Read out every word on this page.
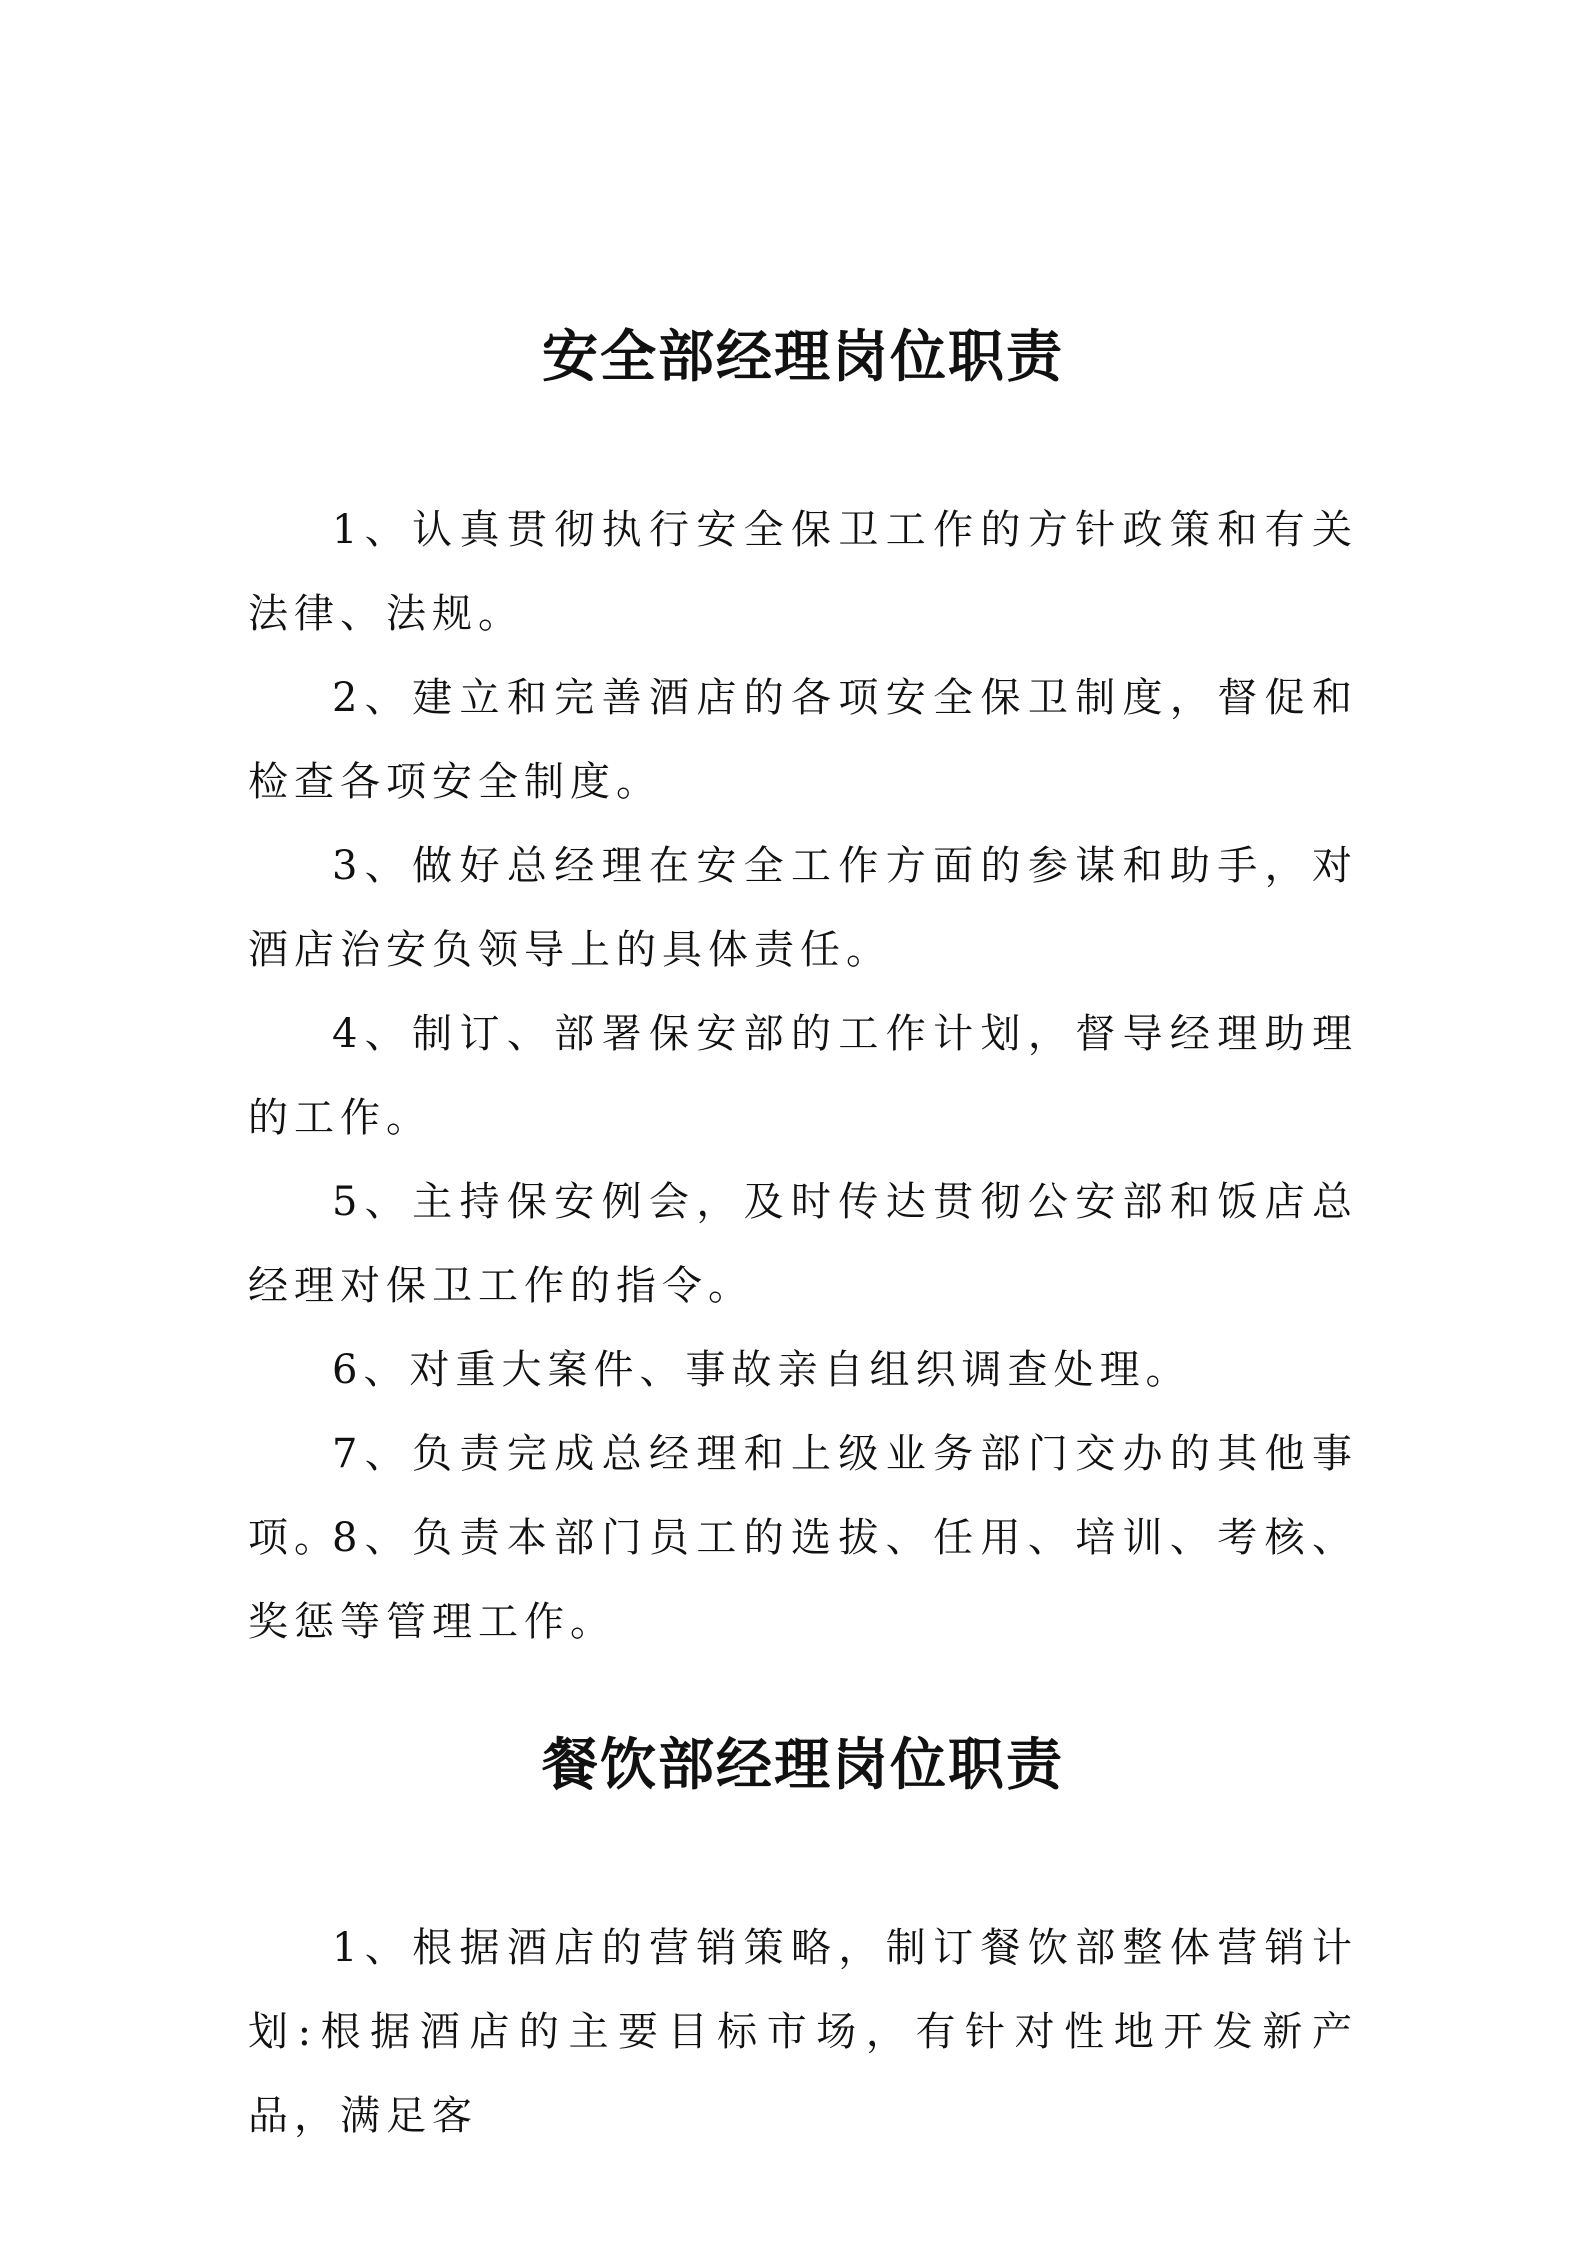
安全部经理岗位职责

1、认真贯彻执行安全保卫工作的方针政策和有关法律、法规。

2、建立和完善酒店的各项安全保卫制度，督促和检查各项安全制度。

3、做好总经理在安全工作方面的参谋和助手，对酒店治安负领导上的具体责任。

4、制订、部署保安部的工作计划，督导经理助理的工作。

5、主持保安例会，及时传达贯彻公安部和饭店总经理对保卫工作的指令。

6、对重大案件、事故亲自组织调查处理。

7、负责完成总经理和上级业务部门交办的其他事项。

8、负责本部门员工的选拔、任用、培训、考核、奖惩等管理工作。

餐饮部经理岗位职责

1、根据酒店的营销策略，制订餐饮部整体营销计划:根据酒店的主要目标市场，有针对性地开发新产品，满足客
